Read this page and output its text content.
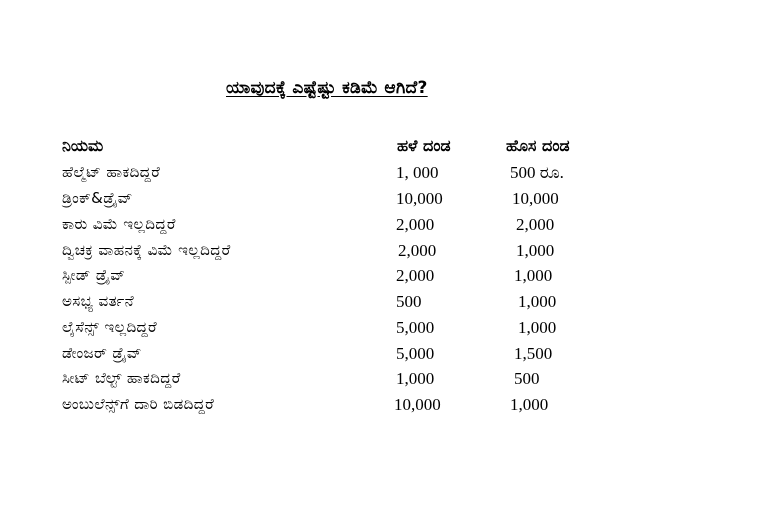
ಯಾವುದಕ್ಕೆ ಎಷ್ಟೆಷ್ಟು ಕಡಿಮೆ ಆಗಿದೆ?
ನಿಯಮ	ಹಳೆ ದಂಡ	ಹೊಸ ದಂಡ
ಹೆಲ್ಮೆಟ್ ಹಾಕದಿದ್ದರೆ	1, 000	500 ರೂ.
ಡ್ರಿಂಕ್&ಡ್ರೈವ್	10,000	10,000
ಕಾರು ವಿಮೆ ಇಲ್ಲದಿದ್ದರೆ	2,000	2,000
ದ್ವಿಚಕ್ರ ವಾಹನಕ್ಕೆ ವಿಮೆ ಇಲ್ಲದಿದ್ದರೆ	2,000	1,000
ಸ್ಪೀಡ್ ಡ್ರೈವ್	2,000	1,000
ಅಸಭ್ಯ ವರ್ತನೆ	500	1,000
ಲೈಸೆನ್ಸ್ ಇಲ್ಲದಿದ್ದರೆ	5,000	1,000
ಡೇಂಜರ್ ಡ್ರೈವ್	5,000	1,500
ಸೀಟ್ ಬೆಲ್ಟ್ ಹಾಕದಿದ್ದರೆ	1,000	500
ಅಂಬುಲೆನ್ಸ್‌ಗೆ ದಾರಿ ಬಿಡದಿದ್ದರೆ	10,000	1,000
